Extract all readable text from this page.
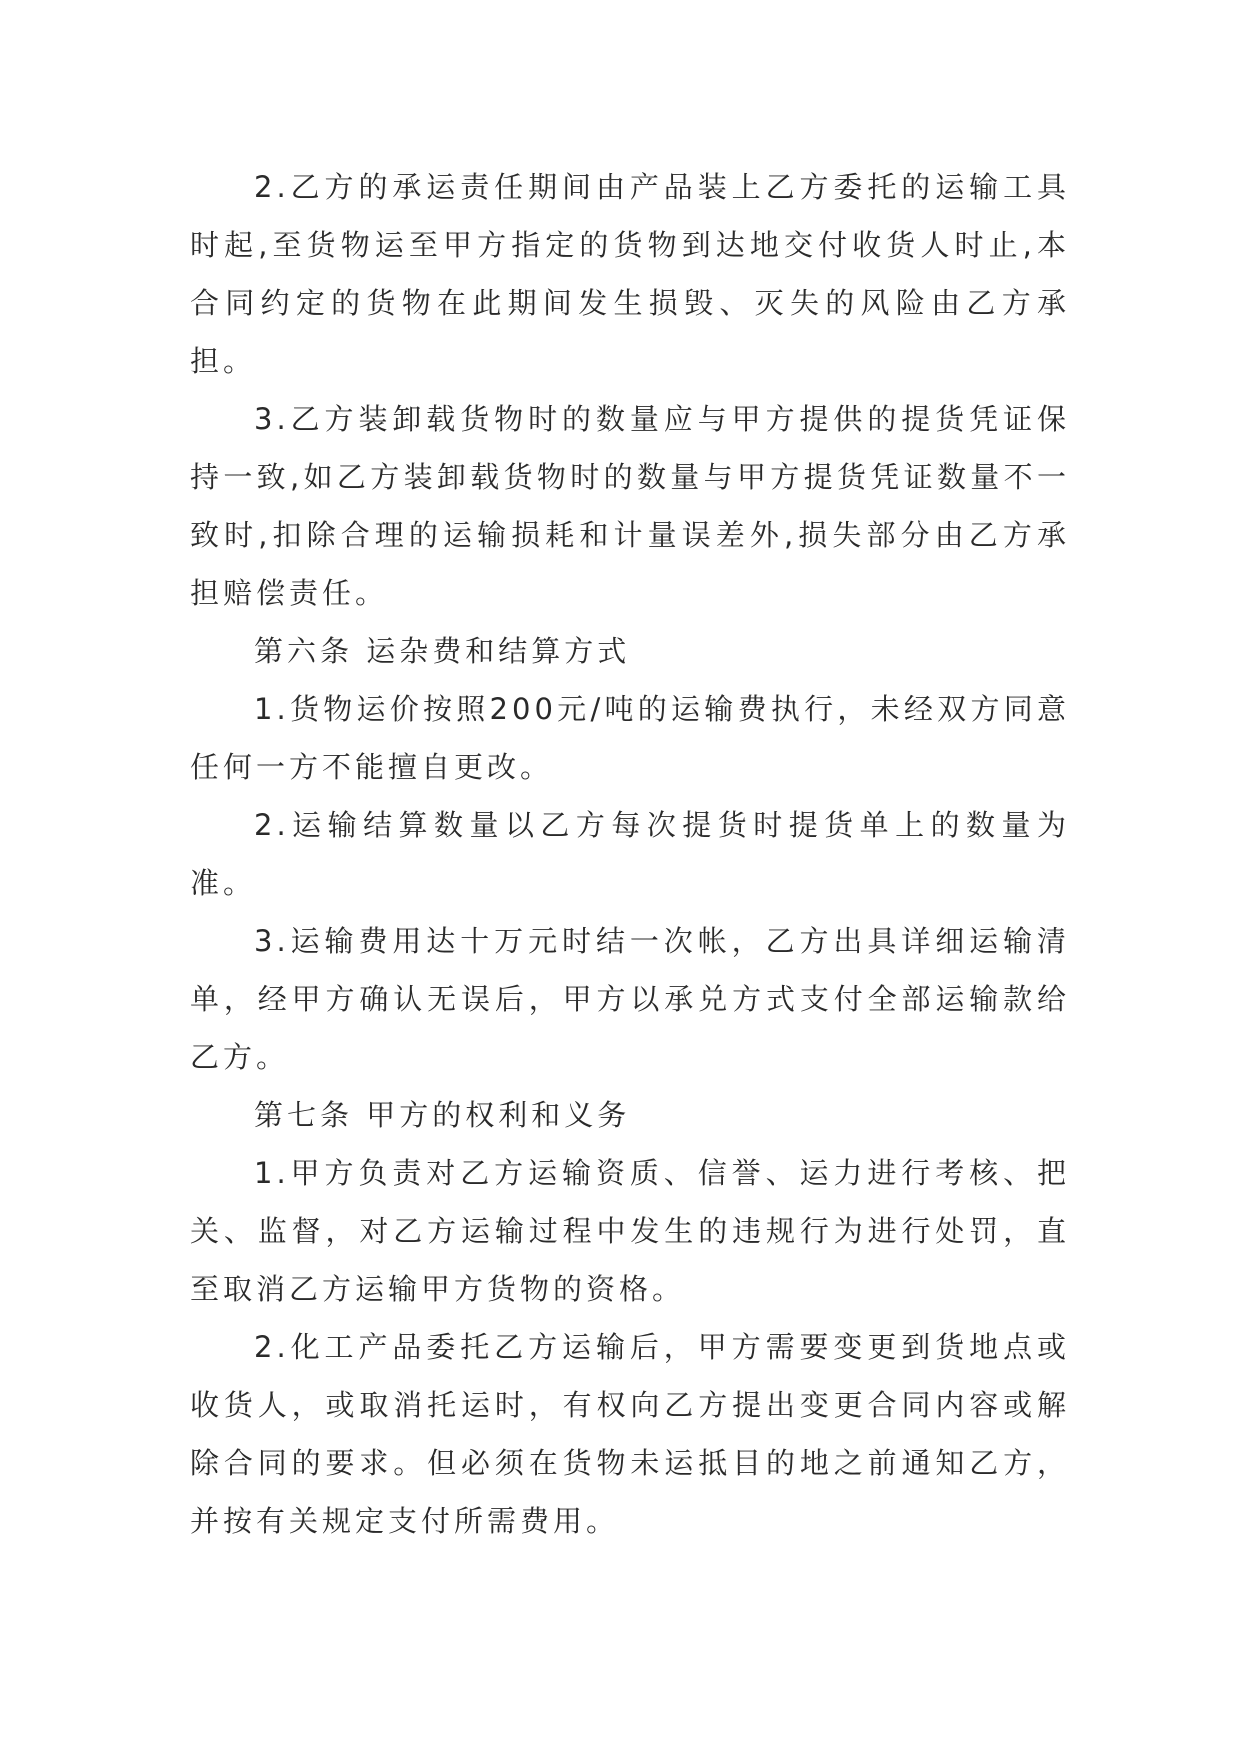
2.乙方的承运责任期间由产品装上乙方委托的运输工具时起,至货物运至甲方指定的货物到达地交付收货人时止,本合同约定的货物在此期间发生损毁、灭失的风险由乙方承担。

3.乙方装卸载货物时的数量应与甲方提供的提货凭证保持一致,如乙方装卸载货物时的数量与甲方提货凭证数量不一致时,扣除合理的运输损耗和计量误差外,损失部分由乙方承担赔偿责任。

第六条 运杂费和结算方式

1.货物运价按照200元/吨的运输费执行，未经双方同意任何一方不能擅自更改。

2.运输结算数量以乙方每次提货时提货单上的数量为准。

3.运输费用达十万元时结一次帐，乙方出具详细运输清单，经甲方确认无误后，甲方以承兑方式支付全部运输款给乙方。

第七条 甲方的权利和义务

1.甲方负责对乙方运输资质、信誉、运力进行考核、把关、监督，对乙方运输过程中发生的违规行为进行处罚，直至取消乙方运输甲方货物的资格。

2.化工产品委托乙方运输后，甲方需要变更到货地点或收货人，或取消托运时，有权向乙方提出变更合同内容或解除合同的要求。但必须在货物未运抵目的地之前通知乙方，并按有关规定支付所需费用。
